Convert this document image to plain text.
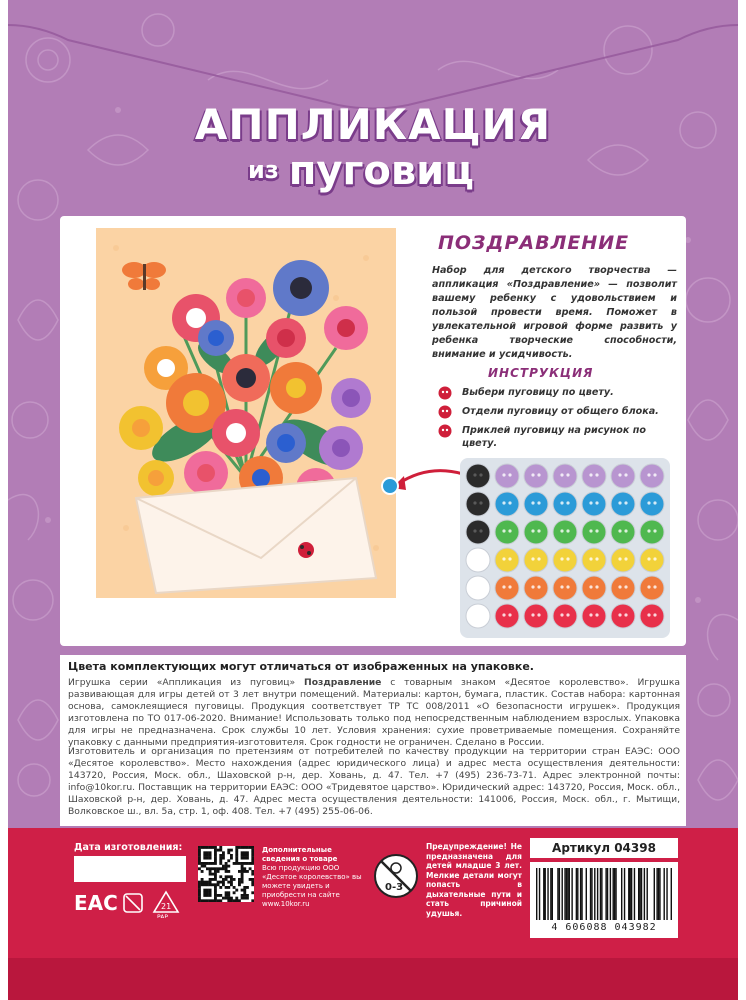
АППЛИКАЦИЯ
из пуговиц
ПОЗДРАВЛЕНИЕ
Набор для детского творчества — аппликация «Поздравление» — позволит вашему ребенку с удовольствием и пользой провести время. Поможет в увлекательной игровой форме развить у ребенка творческие способности, внимание и усидчивость.
ИНСТРУКЦИЯ
Выбери пуговицу по цвету.
Отдели пуговицу от общего блока.
Приклей пуговицу на рисунок по цвету.
Цвета комплектующих могут отличаться от изображенных на упаковке.
Игрушка серии «Аппликация из пуговиц» Поздравление с товарным знаком «Десятое королевство». Игрушка развивающая для игры детей от 3 лет внутри помещений. Материалы: картон, бумага, пластик. Состав набора: картонная основа, самоклеящиеся пуговицы. Продукция соответствует ТР ТС 008/2011 «О безопасности игрушек». Продукция изготовлена по ТО 017-06-2020. Внимание! Использовать только под непосредственным наблюдением взрослых. Упаковка для игры не предназначена. Срок службы 10 лет. Условия хранения: сухие проветриваемые помещения. Сохраняйте упаковку с данными предприятия-изготовителя. Срок годности не ограничен. Сделано в России.
Изготовитель и организация по претензиям от потребителей по качеству продукции на территории стран ЕАЭС: ООО «Десятое королевство». Место нахождения (адрес юридического лица) и адрес места осуществления деятельности: 143720, Россия, Моск. обл., Шаховской р-н, дер. Ховань, д. 47. Тел. +7 (495) 236-73-71. Адрес электронной почты: info@10kor.ru. Поставщик на территории ЕАЭС: ООО «Тридевятое царство». Юридический адрес: 143720, Россия, Моск. обл., Шаховской р-н, дер. Ховань, д. 47. Адрес места осуществления деятельности: 141006, Россия, Моск. обл., г. Мытищи, Волковское ш., вл. 5а, стр. 1, оф. 408. Тел. +7 (495) 255-06-06.
Дата изготовления:
EAC	21
PAP
Дополнительные сведения о товаре
Всю продукцию ООО «Десятое королевство» вы можете увидеть и приобрести на сайте www.10kor.ru
0-3
Предупреждение! Не предназначена для детей младше 3 лет. Мелкие детали могут попасть в дыхательные пути и стать причиной удушья.
Артикул 04398
4 606088 043982
